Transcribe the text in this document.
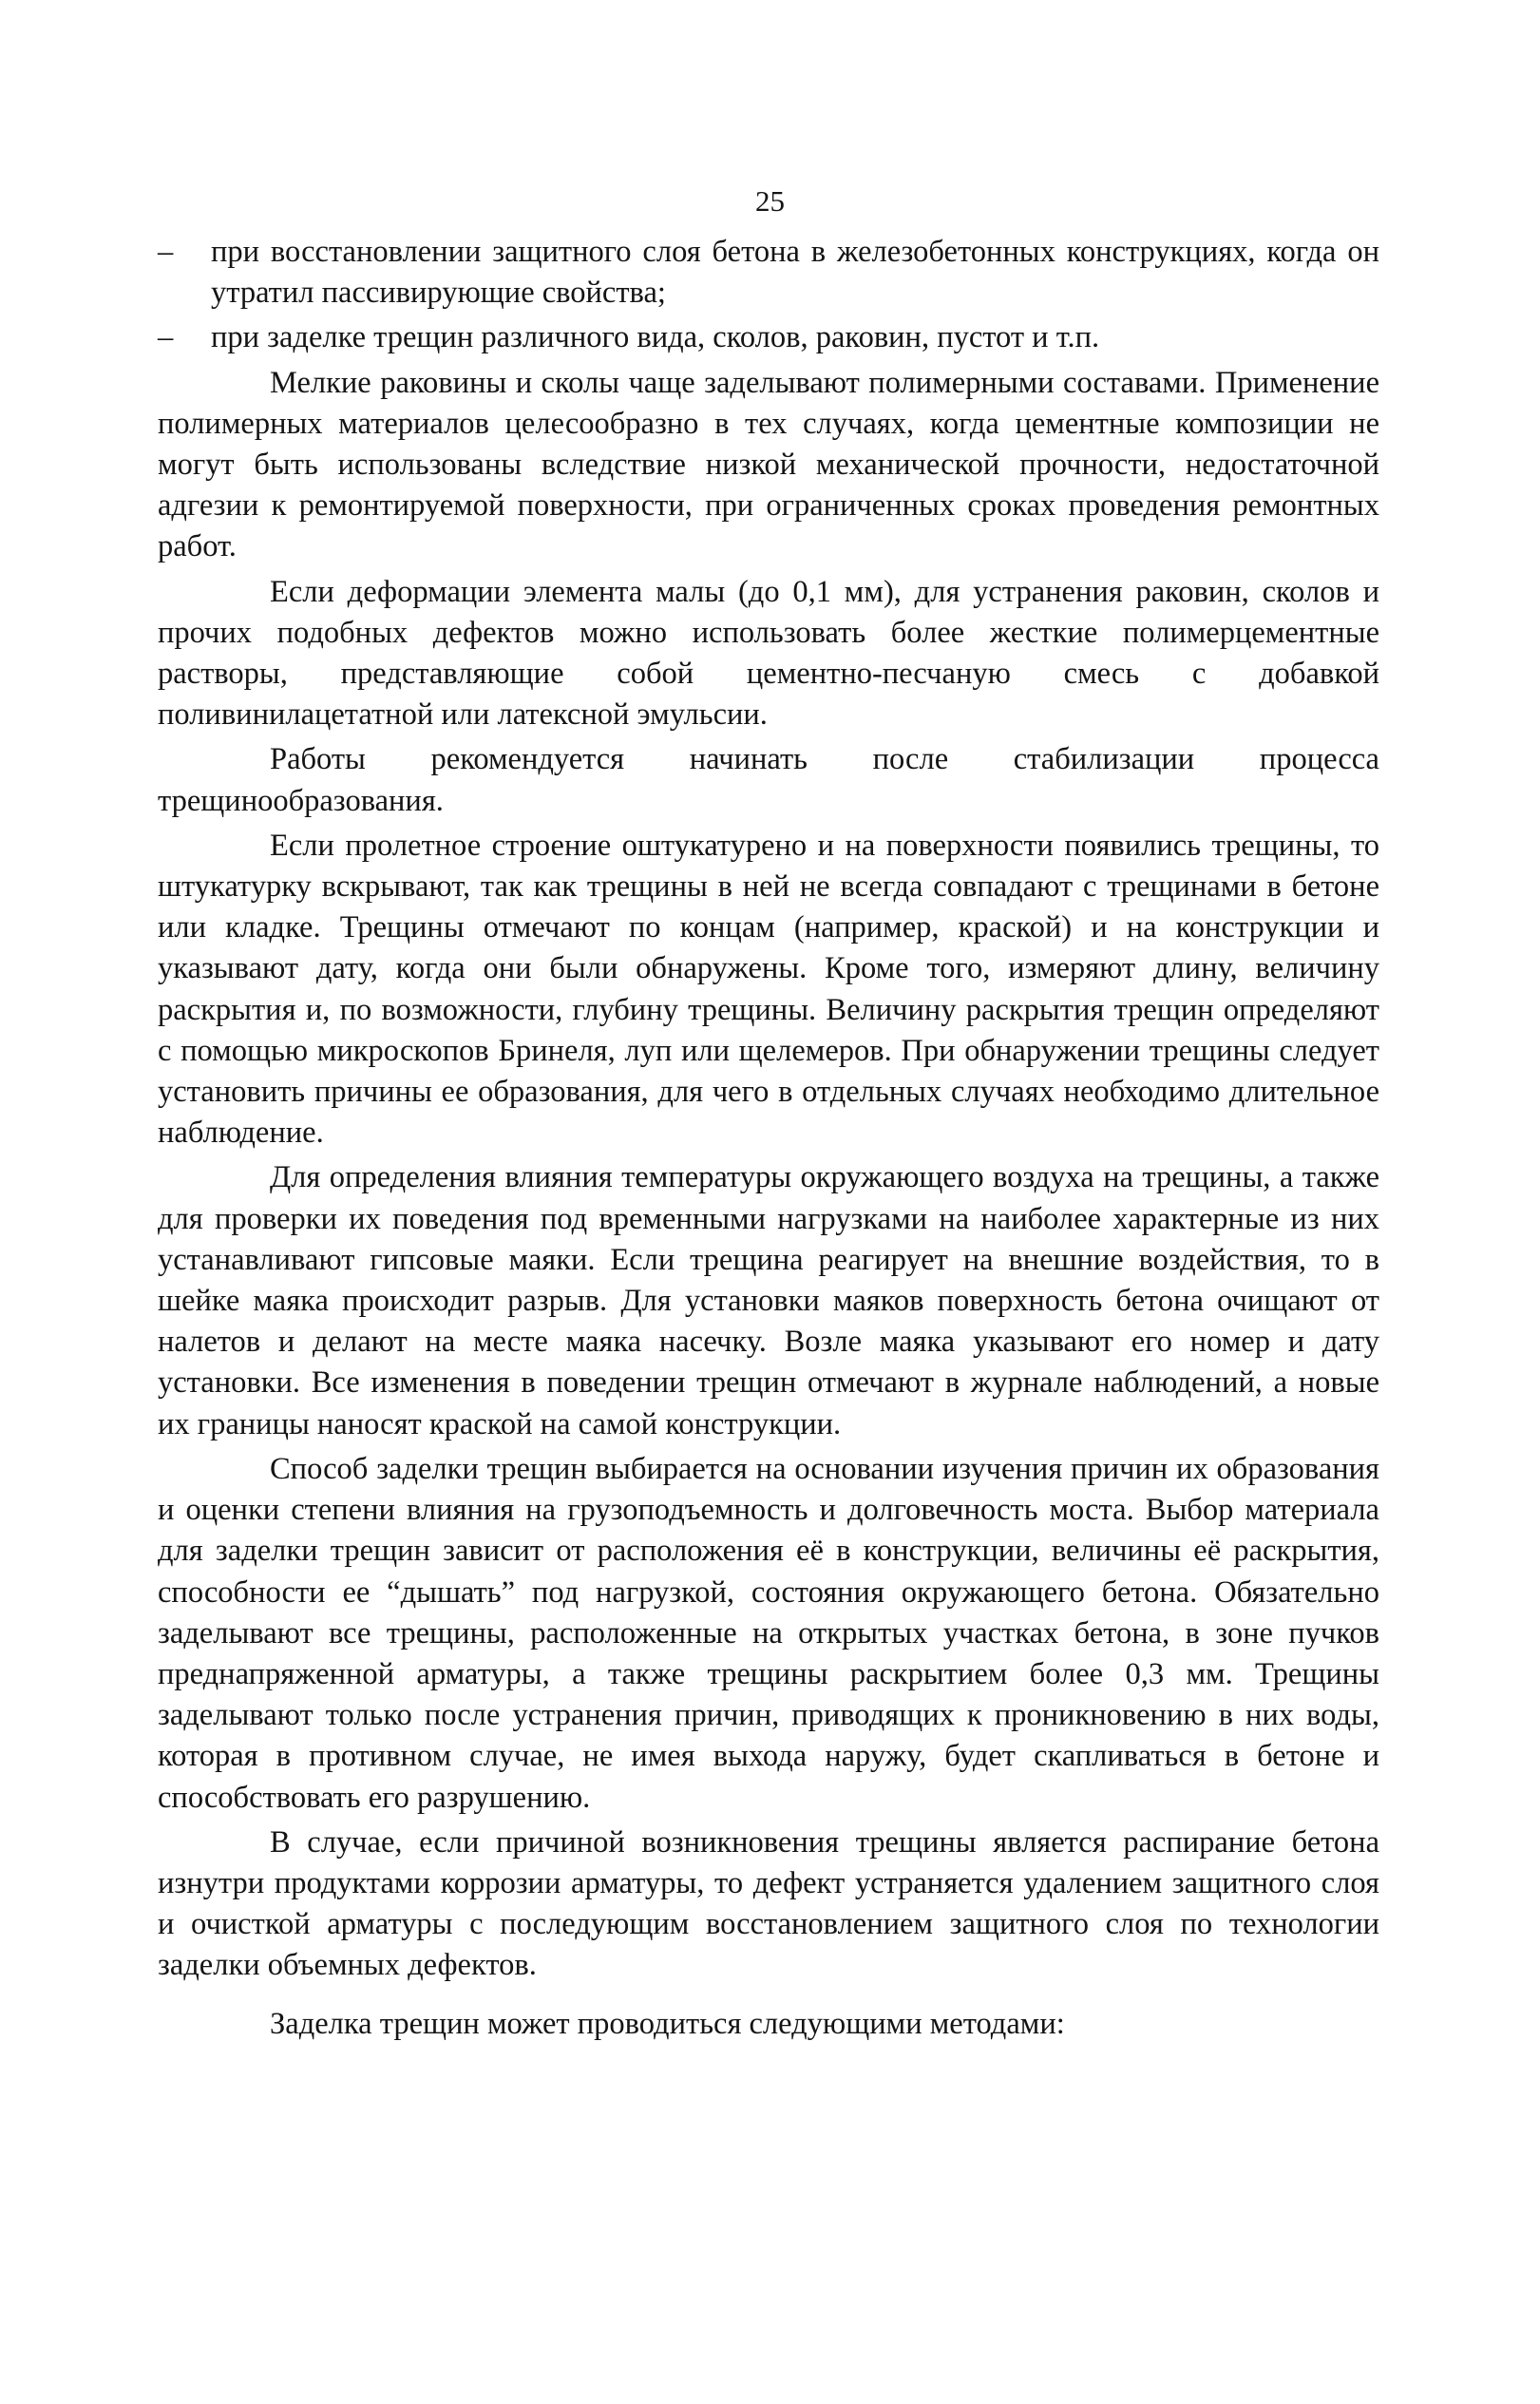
25
–	при восстановлении защитного слоя бетона в железобетонных конструкциях, когда он утратил пассивирующие свойства;
–	при заделке трещин различного вида, сколов, раковин, пустот и т.п.

Мелкие раковины и сколы чаще заделывают полимерными составами. Применение полимерных материалов целесообразно в тех случаях, когда цементные композиции не могут быть использованы вследствие низкой механической прочности, недостаточной адгезии к ремонтируемой поверхности, при ограниченных сроках проведения ремонтных работ.

Если деформации элемента малы (до 0,1 мм), для устранения раковин, сколов и прочих подобных дефектов можно использовать более жесткие полимерцементные растворы, представляющие собой цементно-песчаную смесь с добавкой поливинилацетатной или латексной эмульсии.

Работы рекомендуется начинать после стабилизации процесса трещинообразования.

Если пролетное строение оштукатурено и на поверхности появились трещины, то штукатурку вскрывают, так как трещины в ней не всегда совпадают с трещинами в бетоне или кладке. Трещины отмечают по концам (например, краской) и на конструкции и указывают дату, когда они были обнаружены. Кроме того, измеряют длину, величину раскрытия и, по возможности, глубину трещины. Величину раскрытия трещин определяют с помощью микроскопов Бринеля, луп или щелемеров. При обнаружении трещины следует установить причины ее образования, для чего в отдельных случаях необходимо длительное наблюдение.

Для определения влияния температуры окружающего воздуха на трещины, а также для проверки их поведения под временными нагрузками на наиболее характерные из них устанавливают гипсовые маяки. Если трещина реагирует на внешние воздействия, то в шейке маяка происходит разрыв. Для установки маяков поверхность бетона очищают от налетов и делают на месте маяка насечку. Возле маяка указывают его номер и дату установки. Все изменения в поведении трещин отмечают в журнале наблюдений, а новые их границы наносят краской на самой конструкции.

Способ заделки трещин выбирается на основании изучения причин их образования и оценки степени влияния на грузоподъемность и долговечность моста. Выбор материала для заделки трещин зависит от расположения её в конструкции, величины её раскрытия, способности ее “дышать” под нагрузкой, состояния окружающего бетона. Обязательно заделывают все трещины, расположенные на открытых участках бетона, в зоне пучков преднапряженной арматуры, а также трещины раскрытием более 0,3 мм. Трещины заделывают только после устранения причин, приводящих к проникновению в них воды, которая в противном случае, не имея выхода наружу, будет скапливаться в бетоне и способствовать его разрушению.

В случае, если причиной возникновения трещины является распирание бетона изнутри продуктами коррозии арматуры, то дефект устраняется удалением защитного слоя и очисткой арматуры с последующим восстановлением защитного слоя по технологии заделки объемных дефектов.

Заделка трещин может проводиться следующими методами:
